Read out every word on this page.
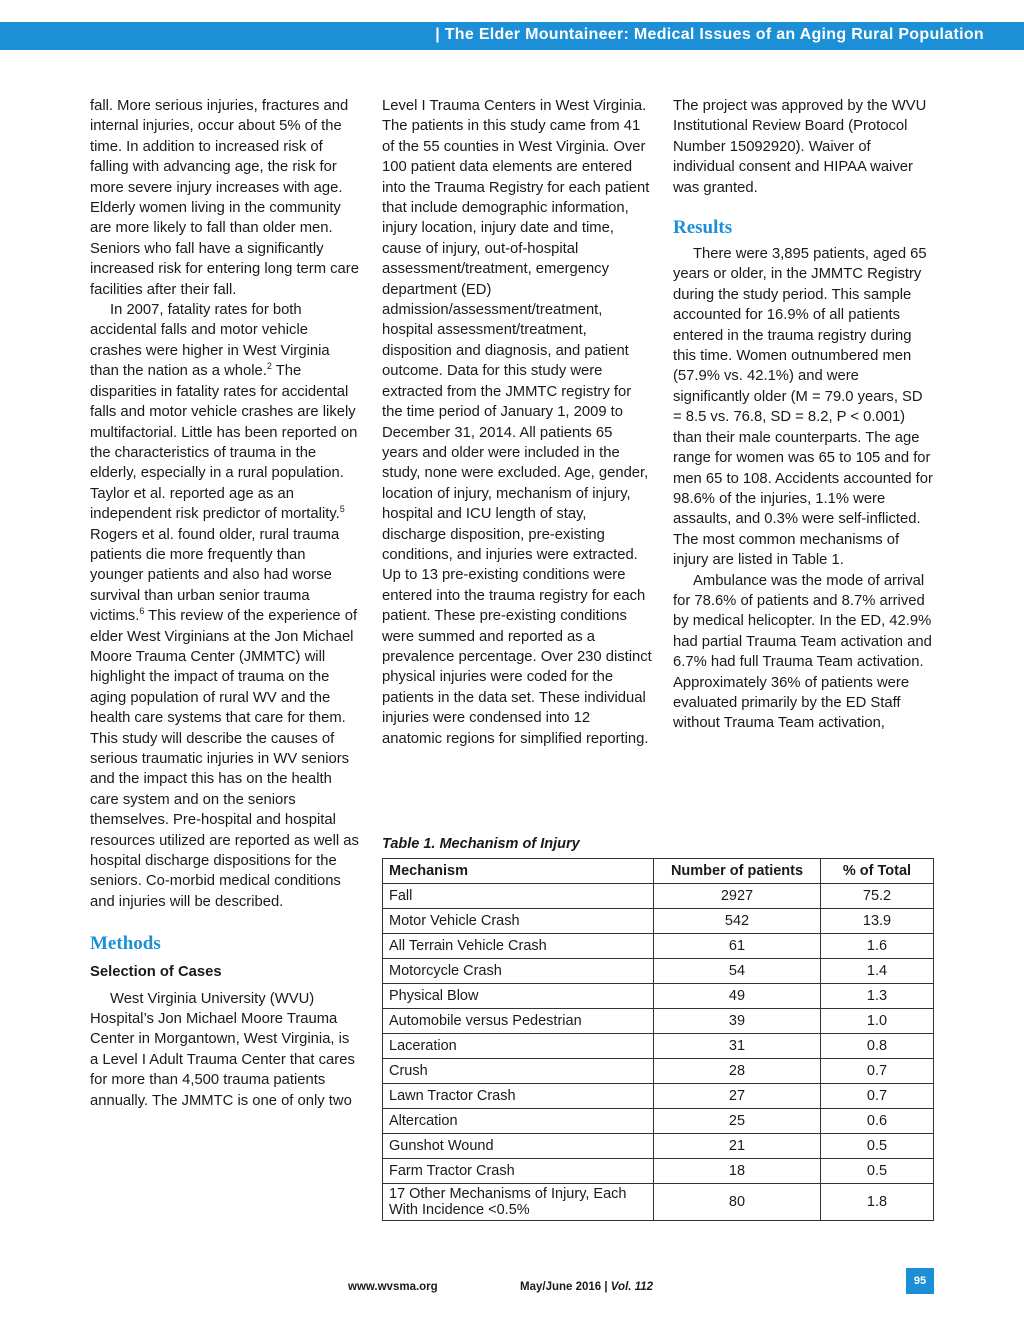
| The Elder Mountaineer: Medical Issues of an Aging Rural Population

fall. More serious injuries, fractures and internal injuries, occur about 5% of the time. In addition to increased risk of falling with advancing age, the risk for more severe injury increases with age. Elderly women living in the community are more likely to fall than older men. Seniors who fall have a significantly increased risk for entering long term care facilities after their fall.

In 2007, fatality rates for both accidental falls and motor vehicle crashes were higher in West Virginia than the nation as a whole.$^2$ The disparities in fatality rates for accidental falls and motor vehicle crashes are likely multifactorial. Little has been reported on the characteristics of trauma in the elderly, especially in a rural population. Taylor et al. reported age as an independent risk predictor of mortality.$^5$ Rogers et al. found older, rural trauma patients die more frequently than younger patients and also had worse survival than urban senior trauma victims.$^6$ This review of the experience of elder West Virginians at the Jon Michael Moore Trauma Center (JMMTC) will highlight the impact of trauma on the aging population of rural WV and the health care systems that care for them. This study will describe the causes of serious traumatic injuries in WV seniors and the impact this has on the health care system and on the seniors themselves. Pre-hospital and hospital resources utilized are reported as well as hospital discharge dispositions for the seniors. Co-morbid medical conditions and injuries will be described.

Methods

Selection of Cases

West Virginia University (WVU) Hospital’s Jon Michael Moore Trauma Center in Morgantown, West Virginia, is a Level I Adult Trauma Center that cares for more than 4,500 trauma patients annually. The JMMTC is one of only two

Level I Trauma Centers in West Virginia. The patients in this study came from 41 of the 55 counties in West Virginia. Over 100 patient data elements are entered into the Trauma Registry for each patient that include demographic information, injury location, injury date and time, cause of injury, out-of-hospital assessment/treatment, emergency department (ED) admission/assessment/treatment, hospital assessment/treatment, disposition and diagnosis, and patient outcome. Data for this study were extracted from the JMMTC registry for the time period of January 1, 2009 to December 31, 2014. All patients 65 years and older were included in the study, none were excluded. Age, gender, location of injury, mechanism of injury, hospital and ICU length of stay, discharge disposition, pre-existing conditions, and injuries were extracted. Up to 13 pre-existing conditions were entered into the trauma registry for each patient. These pre-existing conditions were summed and reported as a prevalence percentage. Over 230 distinct physical injuries were coded for the patients in the data set. These individual injuries were condensed into 12 anatomic regions for simplified reporting.

The project was approved by the WVU Institutional Review Board (Protocol Number 15092920). Waiver of individual consent and HIPAA waiver was granted.

Results

There were 3,895 patients, aged 65 years or older, in the JMMTC Registry during the study period. This sample accounted for 16.9% of all patients entered in the trauma registry during this time. Women outnumbered men (57.9% vs. 42.1%) and were significantly older (M = 79.0 years, SD = 8.5 vs. 76.8, SD = 8.2, P < 0.001) than their male counterparts. The age range for women was 65 to 105 and for men 65 to 108. Accidents accounted for 98.6% of the injuries, 1.1% were assaults, and 0.3% were self-inflicted. The most common mechanisms of injury are listed in Table 1.

Ambulance was the mode of arrival for 78.6% of patients and 8.7% arrived by medical helicopter. In the ED, 42.9% had partial Trauma Team activation and 6.7% had full Trauma Team activation. Approximately 36% of patients were evaluated primarily by the ED Staff without Trauma Team activation,

Table 1. Mechanism of Injury
Mechanism	Number of patients	% of Total
Fall	2927	75.2
Motor Vehicle Crash	542	13.9
All Terrain Vehicle Crash	61	1.6
Motorcycle Crash	54	1.4
Physical Blow	49	1.3
Automobile versus Pedestrian	39	1.0
Laceration	31	0.8
Crush	28	0.7
Lawn Tractor Crash	27	0.7
Altercation	25	0.6
Gunshot Wound	21	0.5
Farm Tractor Crash	18	0.5
17 Other Mechanisms of Injury, Each With Incidence <0.5%	80	1.8
www.wvsma.org	May/June 2016 | Vol. 112	95
